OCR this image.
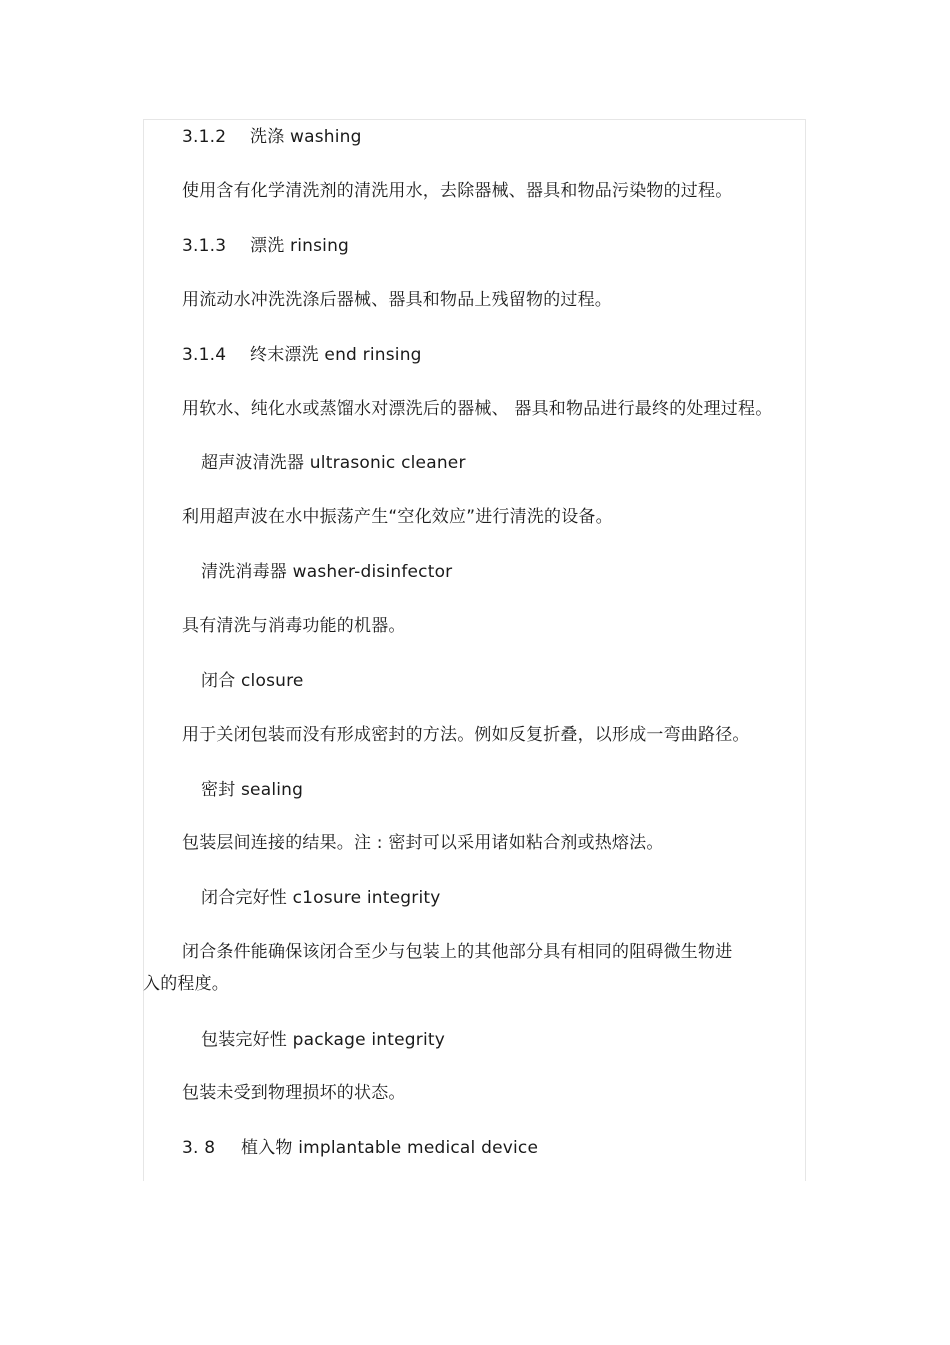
3.1.2 洗涤 washing
使用含有化学清洗剂的清洗用水，去除器械、器具和物品污染物的过程。
3.1.3 漂洗 rinsing
用流动水冲洗洗涤后器械、器具和物品上残留物的过程。
3.1.4 终末漂洗 end rinsing
用软水、纯化水或蒸馏水对漂洗后的器械、 器具和物品进行最终的处理过程。
超声波清洗器 ultrasonic cleaner
利用超声波在水中振荡产生“空化效应”进行清洗的设备。
清洗消毒器 washer-disinfector
具有清洗与消毒功能的机器。
闭合 closure
用于关闭包装而没有形成密封的方法。例如反复折叠，以形成一弯曲路径。
密封 sealing
包装层间连接的结果。注 : 密封可以采用诸如粘合剂或热熔法。
闭合完好性 c1osure integrity
闭合条件能确保该闭合至少与包装上的其他部分具有相同的阻碍微生物进
入的程度。
包装完好性 package integrity
包装未受到物理损坏的状态。
3. 8 植入物 implantable medical device
